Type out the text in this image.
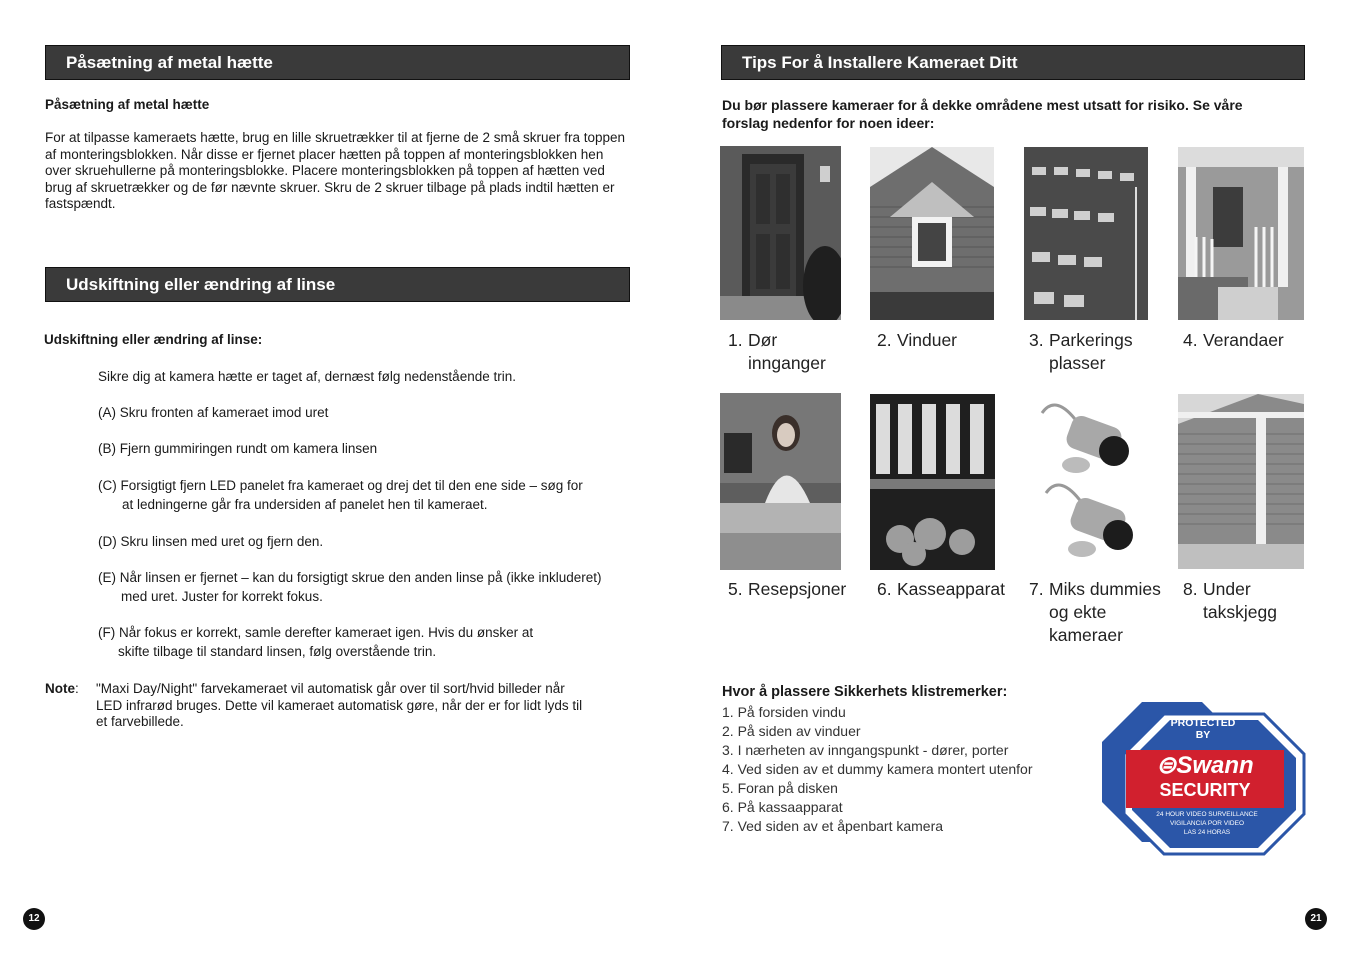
Påsætning af metal hætte
Påsætning af metal hætte
For at tilpasse kameraets hætte, brug en lille skruetrækker til at fjerne de 2 små skruer fra toppen af monteringsblokken. Når disse er fjernet placer hætten på toppen af monteringsblokken hen over skruehullerne på monteringsblokke. Placere monteringsblokken på toppen af hætten ved brug af skruetrækker og de før nævnte skruer. Skru de 2 skruer tilbage på plads indtil hætten er fastspændt.
Udskiftning eller ændring af linse
Udskiftning eller ændring af linse:
Sikre dig at kamera hætte er taget af, dernæst følg nedenstående trin.
(A) Skru fronten af kameraet imod uret
(B) Fjern gummiringen rundt om kamera linsen
(C) Forsigtigt fjern LED panelet fra kameraet og drej det til den ene side – søg for
at ledningerne går fra undersiden af panelet hen til kameraet.
(D) Skru linsen med uret og fjern den.
(E) Når linsen er fjernet – kan du forsigtigt skrue den anden linse på (ikke inkluderet)
med uret. Juster for korrekt fokus.
(F) Når fokus er korrekt, samle derefter kameraet igen. Hvis du ønsker at
skifte tilbage til standard linsen, følg overstående trin.
Note: "Maxi Day/Night" farvekameraet vil automatisk går over til sort/hvid billeder når
LED infrarød bruges. Dette vil kameraet automatisk gøre, når der er for lidt lyds til
et farvebillede.
12
Tips For å Installere Kameraet Ditt
Du bør plassere kameraer for å dekke områdene mest utsatt for risiko. Se våre
forslag nedenfor for noen ideer:
1. Dør
innganger
2. Vinduer	3. Parkerings
plasser
4. Verandaer
5. Resepsjoner 6. Kasseapparat 7. Miks dummies
og ekte
kameraer
8. Under
takskjegg
Hvor å plassere Sikkerhets klistremerker:
1. På forsiden vindu
2. På siden av vinduer
3. I nærheten av inngangspunkt - dører, porter
4. Ved siden av et dummy kamera montert utenfor
5. Foran på disken
6. På kassaapparat
7. Ved siden av et åpenbart kamera
PROTECTED
BY
⊜Swann
SECURITY
24 HOUR VIDEO SURVEILLANCE
VIGILANCIA POR VIDEO
LAS 24 HORAS
21
